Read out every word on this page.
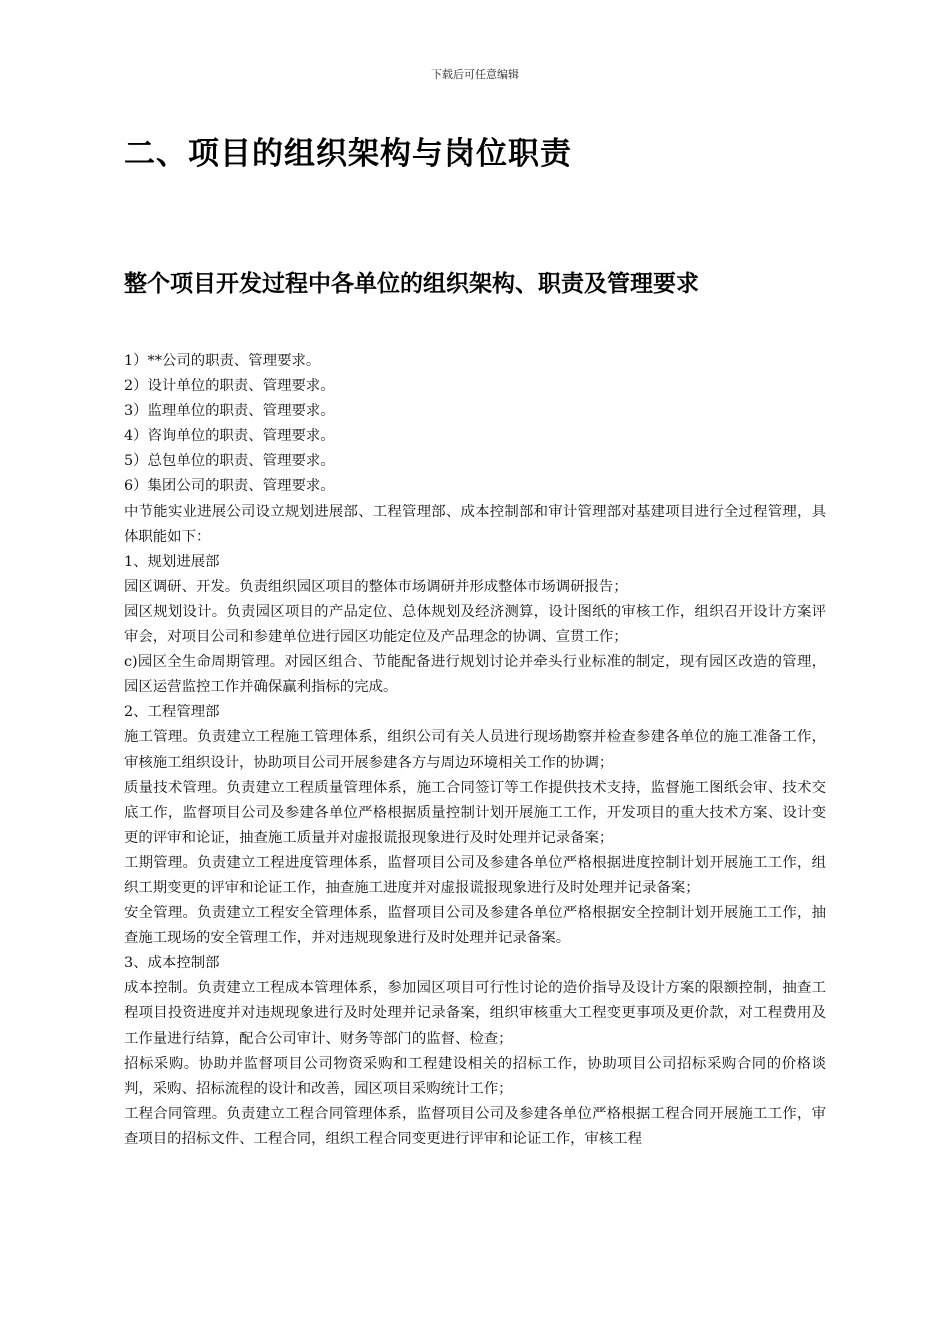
下载后可任意编辑
二、项目的组织架构与岗位职责
整个项目开发过程中各单位的组织架构、职责及管理要求

1）**公司的职责、管理要求。

2）设计单位的职责、管理要求。

3）监理单位的职责、管理要求。

4）咨询单位的职责、管理要求。

5）总包单位的职责、管理要求。

6）集团公司的职责、管理要求。

中节能实业进展公司设立规划进展部、工程管理部、成本控制部和审计管理部对基建项目进行全过程管理，具体职能如下：

1、规划进展部

园区调研、开发。负责组织园区项目的整体市场调研并形成整体市场调研报告；

园区规划设计。负责园区项目的产品定位、总体规划及经济测算，设计图纸的审核工作，组织召开设计方案评审会，对项目公司和参建单位进行园区功能定位及产品理念的协调、宣贯工作；

c)园区全生命周期管理。对园区组合、节能配备进行规划讨论并牵头行业标准的制定，现有园区改造的管理，园区运营监控工作并确保赢利指标的完成。

2、工程管理部

施工管理。负责建立工程施工管理体系，组织公司有关人员进行现场勘察并检查参建各单位的施工准备工作，审核施工组织设计，协助项目公司开展参建各方与周边环境相关工作的协调；

质量技术管理。负责建立工程质量管理体系，施工合同签订等工作提供技术支持，监督施工图纸会审、技术交底工作，监督项目公司及参建各单位严格根据质量控制计划开展施工工作，开发项目的重大技术方案、设计变更的评审和论证，抽查施工质量并对虚报谎报现象进行及时处理并记录备案；

工期管理。负责建立工程进度管理体系，监督项目公司及参建各单位严格根据进度控制计划开展施工工作，组织工期变更的评审和论证工作，抽查施工进度并对虚报谎报现象进行及时处理并记录备案；

安全管理。负责建立工程安全管理体系，监督项目公司及参建各单位严格根据安全控制计划开展施工工作，抽查施工现场的安全管理工作，并对违规现象进行及时处理并记录备案。

3、成本控制部

成本控制。负责建立工程成本管理体系，参加园区项目可行性讨论的造价指导及设计方案的限额控制，抽查工程项目投资进度并对违规现象进行及时处理并记录备案，组织审核重大工程变更事项及更价款，对工程费用及工作量进行结算，配合公司审计、财务等部门的监督、检查；

招标采购。协助并监督项目公司物资采购和工程建设相关的招标工作，协助项目公司招标采购合同的价格谈判，采购、招标流程的设计和改善，园区项目采购统计工作；

工程合同管理。负责建立工程合同管理体系，监督项目公司及参建各单位严格根据工程合同开展施工工作，审查项目的招标文件、工程合同，组织工程合同变更进行评审和论证工作，审核工程
